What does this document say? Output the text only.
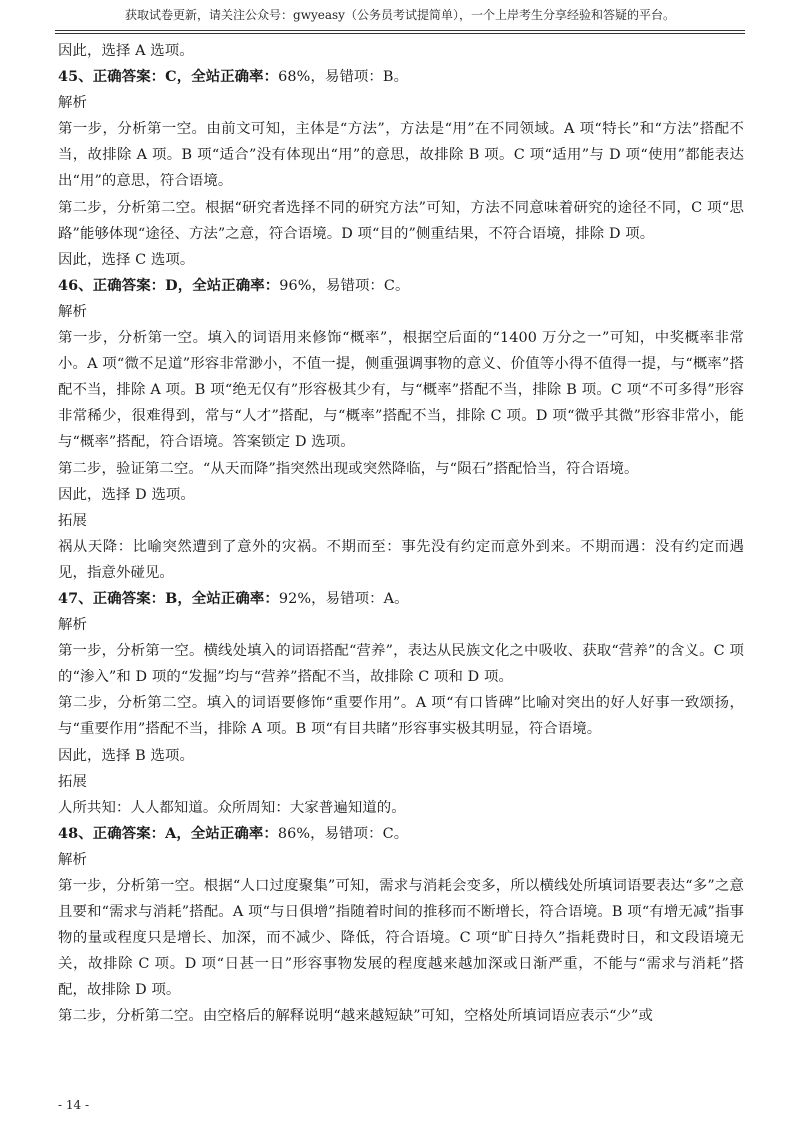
获取试卷更新，请关注公众号：gwyeasy（公务员考试提简单），一个上岸考生分享经验和答疑的平台。

因此，选择 A 选项。

45、正确答案：C，全站正确率：68%，易错项：B。

解析

第一步，分析第一空。由前文可知，主体是“方法”，方法是“用”在不同领域。A 项“特长”和“方法”搭配不当，故排除 A 项。B 项“适合”没有体现出“用”的意思，故排除 B 项。C 项“适用”与 D 项“使用”都能表达出“用”的意思，符合语境。

第二步，分析第二空。根据“研究者选择不同的研究方法”可知，方法不同意味着研究的途径不同，C 项“思路”能够体现“途径、方法”之意，符合语境。D 项“目的”侧重结果，不符合语境，排除 D 项。

因此，选择 C 选项。

46、正确答案：D，全站正确率：96%，易错项：C。

解析

第一步，分析第一空。填入的词语用来修饰“概率”，根据空后面的“1400 万分之一”可知，中奖概率非常小。A 项“微不足道”形容非常渺小，不值一提，侧重强调事物的意义、价值等小得不值得一提，与“概率”搭配不当，排除 A 项。B 项“绝无仅有”形容极其少有，与“概率”搭配不当，排除 B 项。C 项“不可多得”形容非常稀少，很难得到，常与“人才”搭配，与“概率”搭配不当，排除 C 项。D 项“微乎其微”形容非常小，能与“概率”搭配，符合语境。答案锁定 D 选项。

第二步，验证第二空。“从天而降”指突然出现或突然降临，与“陨石”搭配恰当，符合语境。

因此，选择 D 选项。

拓展

祸从天降：比喻突然遭到了意外的灾祸。不期而至：事先没有约定而意外到来。不期而遇：没有约定而遇见，指意外碰见。

47、正确答案：B，全站正确率：92%，易错项：A。

解析

第一步，分析第一空。横线处填入的词语搭配“营养”，表达从民族文化之中吸收、获取“营养”的含义。C 项的“渗入”和 D 项的“发掘”均与“营养”搭配不当，故排除 C 项和 D 项。

第二步，分析第二空。填入的词语要修饰“重要作用”。A 项“有口皆碑”比喻对突出的好人好事一致颂扬，与“重要作用”搭配不当，排除 A 项。B 项“有目共睹”形容事实极其明显，符合语境。

因此，选择 B 选项。

拓展

人所共知：人人都知道。众所周知：大家普遍知道的。

48、正确答案：A，全站正确率：86%，易错项：C。

解析

第一步，分析第一空。根据“人口过度聚集”可知，需求与消耗会变多，所以横线处所填词语要表达“多”之意且要和“需求与消耗”搭配。A 项“与日俱增”指随着时间的推移而不断增长，符合语境。B 项“有增无减”指事物的量或程度只是增长、加深，而不减少、降低，符合语境。C 项“旷日持久”指耗费时日，和文段语境无关，故排除 C 项。D 项“日甚一日”形容事物发展的程度越来越加深或日渐严重，不能与“需求与消耗”搭配，故排除 D 项。

第二步，分析第二空。由空格后的解释说明“越来越短缺”可知，空格处所填词语应表示“少”或

- 14 -
